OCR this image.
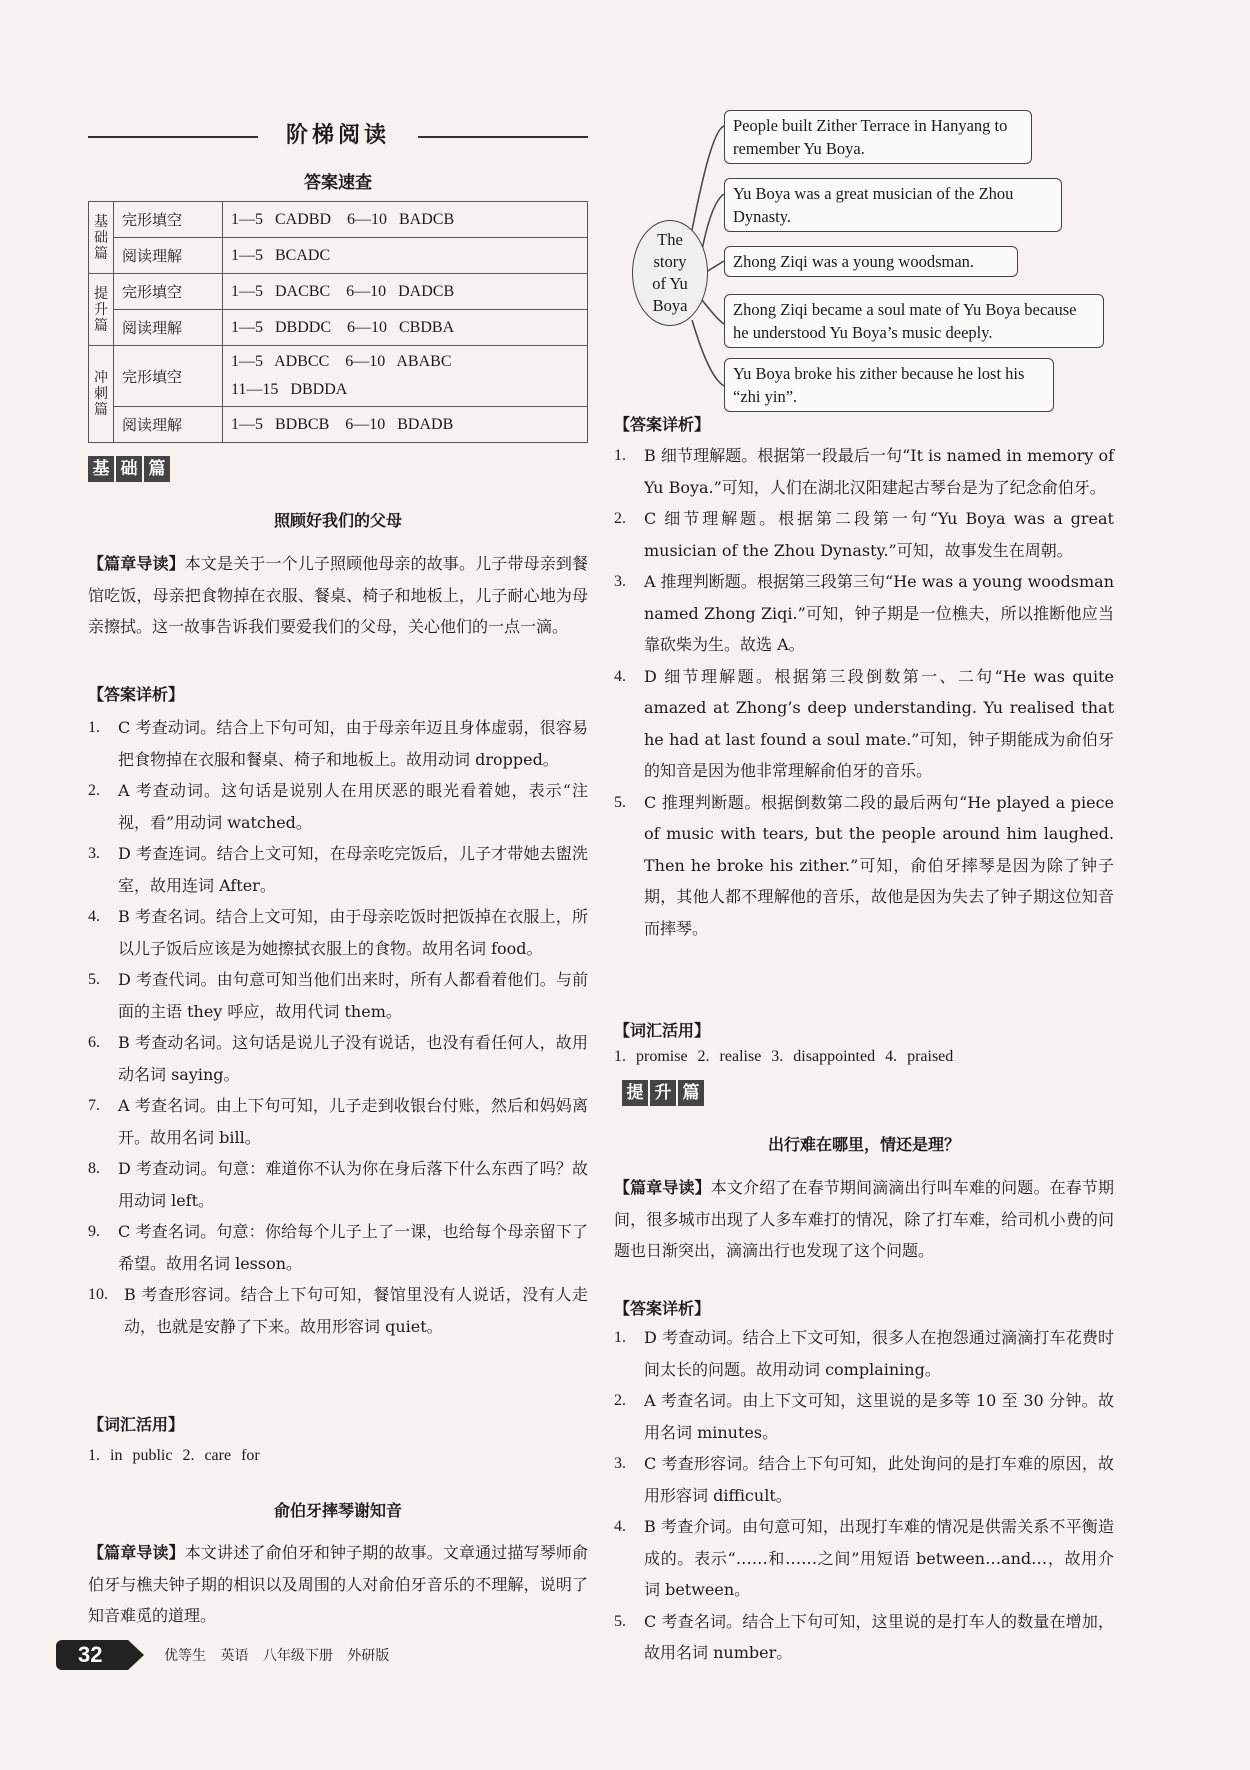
阶梯阅读
答案速查
基础篇	完形填空	1—5   CADBD    6—10   BADCB
	阅读理解	1—5   BCADC
提升篇	完形填空	1—5   DACBC    6—10   DADCB
	阅读理解	1—5   DBDDC    6—10   CBDBA
冲刺篇	完形填空	1—5   ADBCC    6—10   ABABC
11—15   DBDDA

	阅读理解	1—5   BDBCB    6—10   BDADB
基 础 篇
照顾好我们的父母
【篇章导读】本文是关于一个儿子照顾他母亲的故事。儿子带母亲到餐馆吃饭，母亲把食物掉在衣服、餐桌、椅子和地板上，儿子耐心地为母亲擦拭。这一故事告诉我们要爱我们的父母，关心他们的一点一滴。
【答案详析】
1. C 考查动词。结合上下句可知，由于母亲年迈且身体虚弱，很容易把食物掉在衣服和餐桌、椅子和地板上。故用动词 dropped。
2. A 考查动词。这句话是说别人在用厌恶的眼光看着她，表示“注视，看”用动词 watched。
3. D 考查连词。结合上文可知，在母亲吃完饭后，儿子才带她去盥洗室，故用连词 After。
4. B 考查名词。结合上文可知，由于母亲吃饭时把饭掉在衣服上，所以儿子饭后应该是为她擦拭衣服上的食物。故用名词 food。
5. D 考查代词。由句意可知当他们出来时，所有人都看着他们。与前面的主语 they 呼应，故用代词 them。
6. B 考查动名词。这句话是说儿子没有说话，也没有看任何人，故用动名词 saying。
7. A 考查名词。由上下句可知，儿子走到收银台付账，然后和妈妈离开。故用名词 bill。
8. D 考查动词。句意：难道你不认为你在身后落下什么东西了吗？故用动词 left。
9. C 考查名词。句意：你给每个儿子上了一课，也给每个母亲留下了希望。故用名词 lesson。
10. B 考查形容词。结合上下句可知，餐馆里没有人说话，没有人走动，也就是安静了下来。故用形容词 quiet。
【词汇活用】
1. in public 2. care for
俞伯牙摔琴谢知音
【篇章导读】本文讲述了俞伯牙和钟子期的故事。文章通过描写琴师俞伯牙与樵夫钟子期的相识以及周围的人对俞伯牙音乐的不理解，说明了知音难觅的道理。
The
story
of Yu
Boya
People built Zither Terrace in Hanyang to remember Yu Boya.
Yu Boya was a great musician of the Zhou Dynasty.
Zhong Ziqi was a young woodsman.
Zhong Ziqi became a soul mate of Yu Boya because he understood Yu Boya’s music deeply.
Yu Boya broke his zither because he lost his “zhi yin”.
【答案详析】
1. B 细节理解题。根据第一段最后一句“It is named in memory of Yu Boya.”可知，人们在湖北汉阳建起古琴台是为了纪念俞伯牙。
2. C 细节理解题。根据第二段第一句“Yu Boya was a great musician of the Zhou Dynasty.”可知，故事发生在周朝。
3. A 推理判断题。根据第三段第三句“He was a young woodsman named Zhong Ziqi.”可知，钟子期是一位樵夫，所以推断他应当靠砍柴为生。故选 A。
4. D 细节理解题。根据第三段倒数第一、二句“He was quite amazed at Zhong’s deep understanding. Yu realised that he had at last found a soul mate.”可知，钟子期能成为俞伯牙的知音是因为他非常理解俞伯牙的音乐。
5. C 推理判断题。根据倒数第二段的最后两句“He played a piece of music with tears, but the people around him laughed. Then he broke his zither.”可知，俞伯牙摔琴是因为除了钟子期，其他人都不理解他的音乐，故他是因为失去了钟子期这位知音而摔琴。
【词汇活用】
1. promise 2. realise 3. disappointed 4. praised
提 升 篇
出行难在哪里，情还是理？
【篇章导读】本文介绍了在春节期间滴滴出行叫车难的问题。在春节期间，很多城市出现了人多车难打的情况，除了打车难，给司机小费的问题也日渐突出，滴滴出行也发现了这个问题。
【答案详析】
1. D 考查动词。结合上下文可知，很多人在抱怨通过滴滴打车花费时间太长的问题。故用动词 complaining。
2. A 考查名词。由上下文可知，这里说的是多等 10 至 30 分钟。故用名词 minutes。
3. C 考查形容词。结合上下句可知，此处询问的是打车难的原因，故用形容词 difficult。
4. B 考查介词。由句意可知，出现打车难的情况是供需关系不平衡造成的。表示“……和……之间”用短语 between…and…，故用介词 between。
5. C 考查名词。结合上下句可知，这里说的是打车人的数量在增加，故用名词 number。
32	优等生 英语 八年级下册 外研版
